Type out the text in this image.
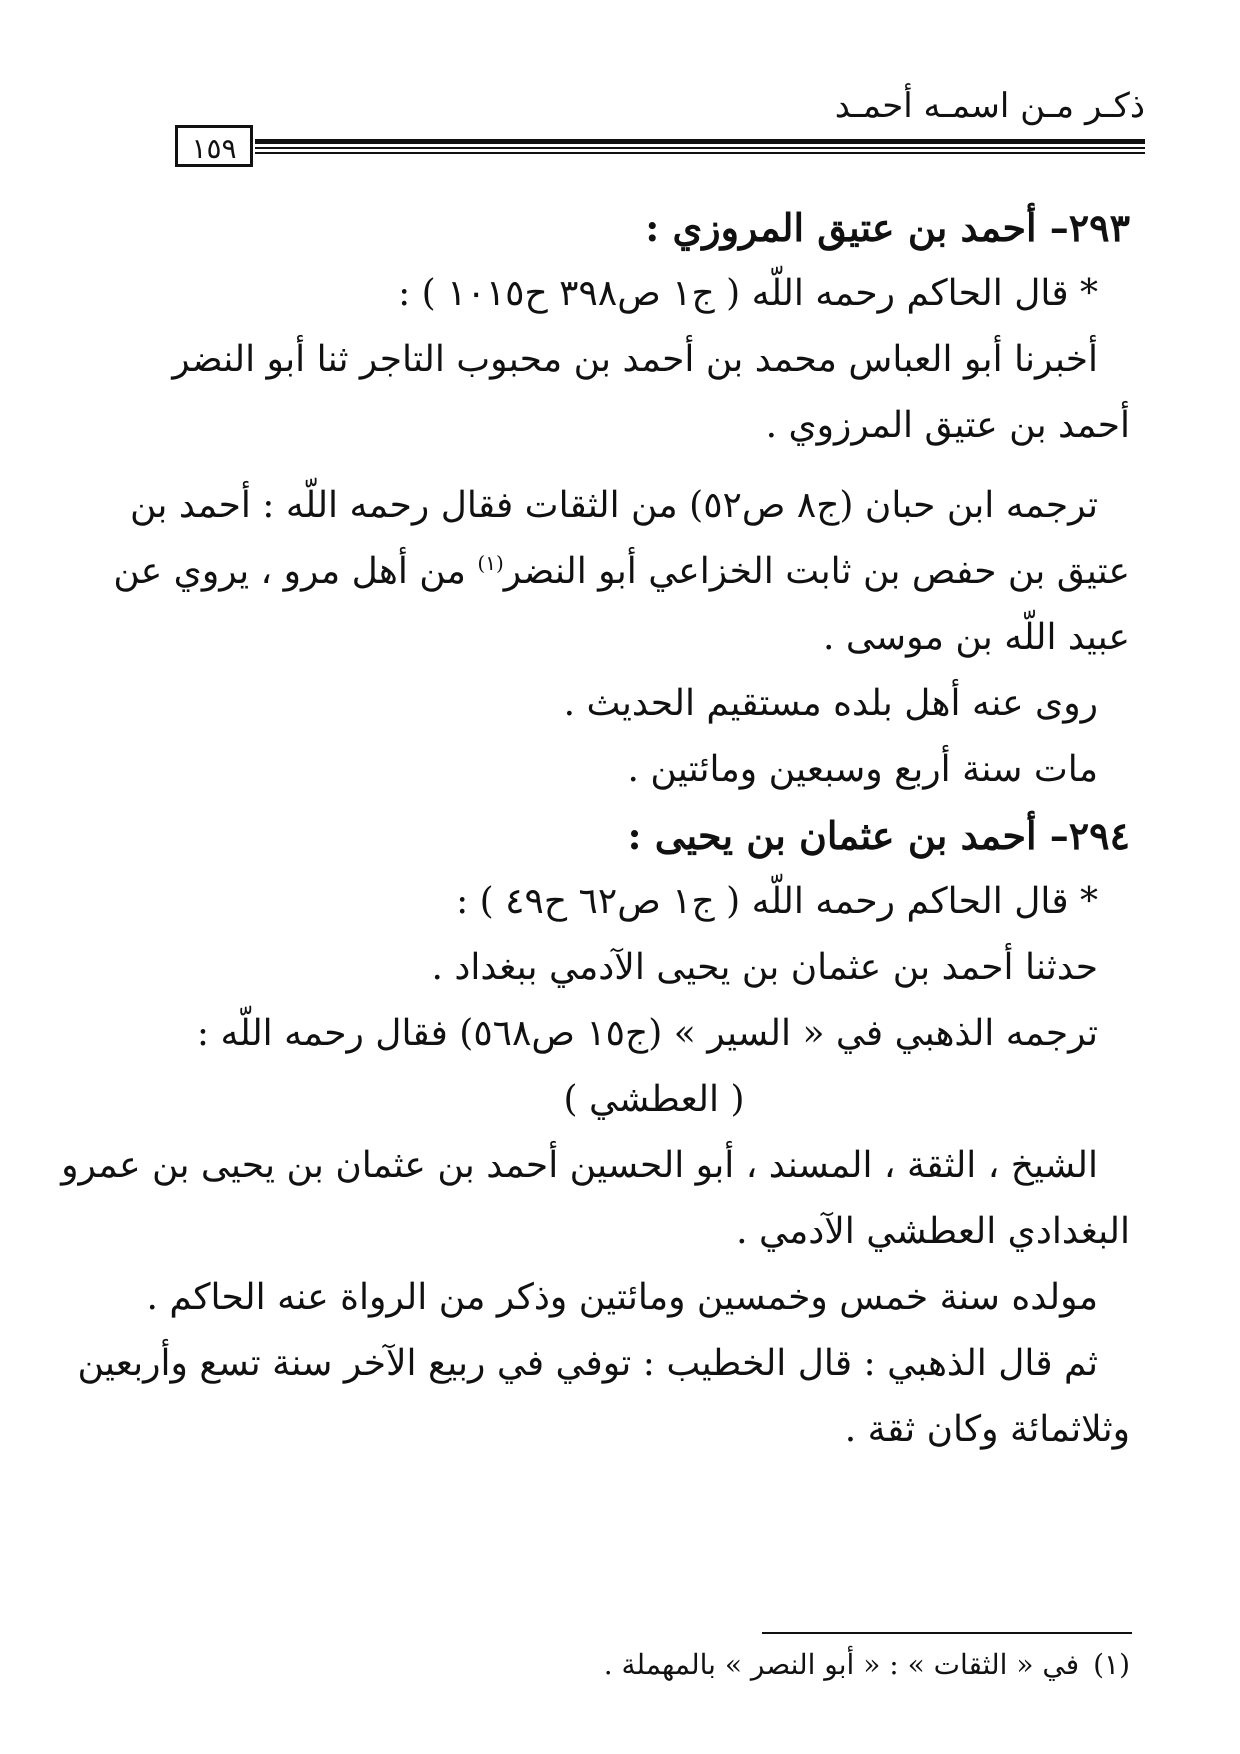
ذكـر مـن اسمـه أحمـد
١٥٩
٢٩٣– أحمد بن عتيق المروزي :
* قال الحاكم رحمه اللّه ( ج١ ص٣٩٨ ح١٠١٥ ) :
أخبرنا أبو العباس محمد بن أحمد بن محبوب التاجر ثنا أبو النضر
أحمد بن عتيق المرزوي .
ترجمه ابن حبان (ج٨ ص٥٢) من الثقات فقال رحمه اللّه : أحمد بن
عتيق بن حفص بن ثابت الخزاعي أبو النضر$^{(١)}$ من أهل مرو ، يروي عن
عبيد اللّه بن موسى .
روى عنه أهل بلده مستقيم الحديث .
مات سنة أربع وسبعين ومائتين .
٢٩٤– أحمد بن عثمان بن يحيى :
* قال الحاكم رحمه اللّه ( ج١ ص٦٢ ح٤٩ ) :
حدثنا أحمد بن عثمان بن يحيى الآدمي ببغداد .
ترجمه الذهبي في « السير » (ج١٥ ص٥٦٨) فقال رحمه اللّه :
( العطشي )
الشيخ ، الثقة ، المسند ، أبو الحسين أحمد بن عثمان بن يحيى بن عمرو
البغدادي العطشي الآدمي .
مولده سنة خمس وخمسين ومائتين وذكر من الرواة عنه الحاكم .
ثم قال الذهبي : قال الخطيب : توفي في ربيع الآخر سنة تسع وأربعين
وثلاثمائة وكان ثقة .
(١)في « الثقات » : « أبو النصر » بالمهملة .
